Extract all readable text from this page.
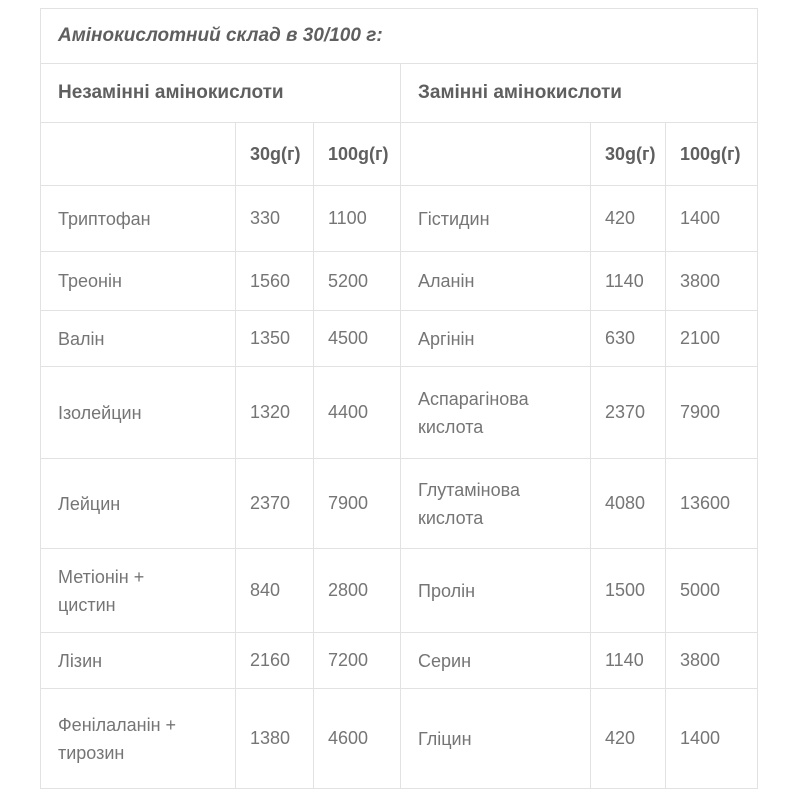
Амінокислотний склад в 30/100 г:					
Незамінні амінокислоти			Замінні амінокислоти		
	30g(г)	100g(г)		30g(г)	100g(г)
Триптофан	330	1100	Гістидин	420	1400
Треонін	1560	5200	Аланін	1140	3800
Валін	1350	4500	Аргінін	630	2100
Ізолейцин	1320	4400	Аспарагінова кислота	2370	7900
Лейцин	2370	7900	Глутамінова кислота	4080	13600
Метіонін + цистин	840	2800	Пролін	1500	5000
Лізин	2160	7200	Серин	1140	3800
Фенілаланін + тирозин	1380	4600	Гліцин	420	1400
